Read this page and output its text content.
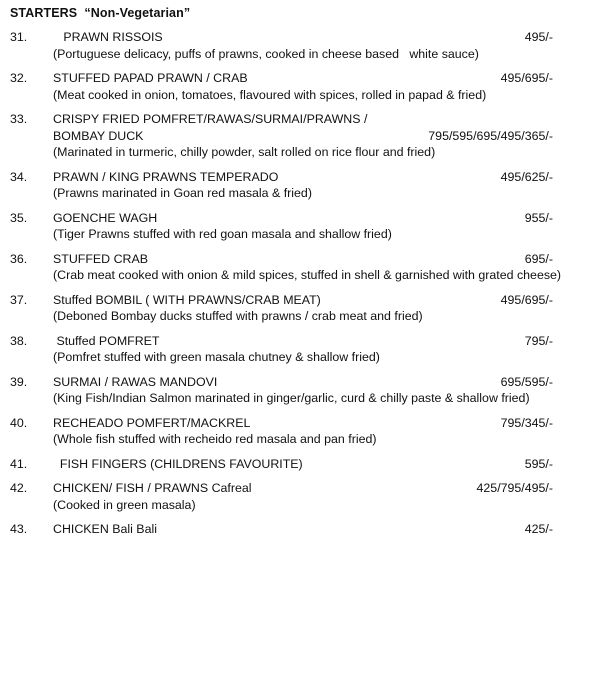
STARTERS  “Non-Vegetarian”
31. PRAWN RISSOIS	495/-
(Portuguese delicacy, puffs of prawns, cooked in cheese based   white sauce)
32. STUFFED PAPAD PRAWN / CRAB	495/695/-
(Meat cooked in onion, tomatoes, flavoured with spices, rolled in papad & fried)
33. CRISPY FRIED POMFRET/RAWAS/SURMAI/PRAWNS /
BOMBAY DUCK	795/595/695/495/365/-
(Marinated in turmeric, chilly powder, salt rolled on rice flour and fried)
34. PRAWN / KING PRAWNS TEMPERADO	495/625/-
(Prawns marinated in Goan red masala & fried)
35. GOENCHE WAGH	955/-
(Tiger Prawns stuffed with red goan masala and shallow fried)
36. STUFFED CRAB	695/-
(Crab meat cooked with onion & mild spices, stuffed in shell & garnished with grated cheese)
37. Stuffed BOMBIL ( WITH PRAWNS/CRAB MEAT)	495/695/-
(Deboned Bombay ducks stuffed with prawns / crab meat and fried)
38. Stuffed POMFRET	795/-
(Pomfret stuffed with green masala chutney & shallow fried)
39. SURMAI / RAWAS MANDOVI	695/595/-
(King Fish/Indian Salmon marinated in ginger/garlic, curd & chilly paste & shallow fried)
40. RECHEADO POMFERT/MACKREL	795/345/-
(Whole fish stuffed with recheido red masala and pan fried)
41. FISH FINGERS (CHILDRENS FAVOURITE)	595/-
42. CHICKEN/ FISH / PRAWNS Cafreal	425/795/495/-
(Cooked in green masala)
43. CHICKEN Bali Bali	425/-
